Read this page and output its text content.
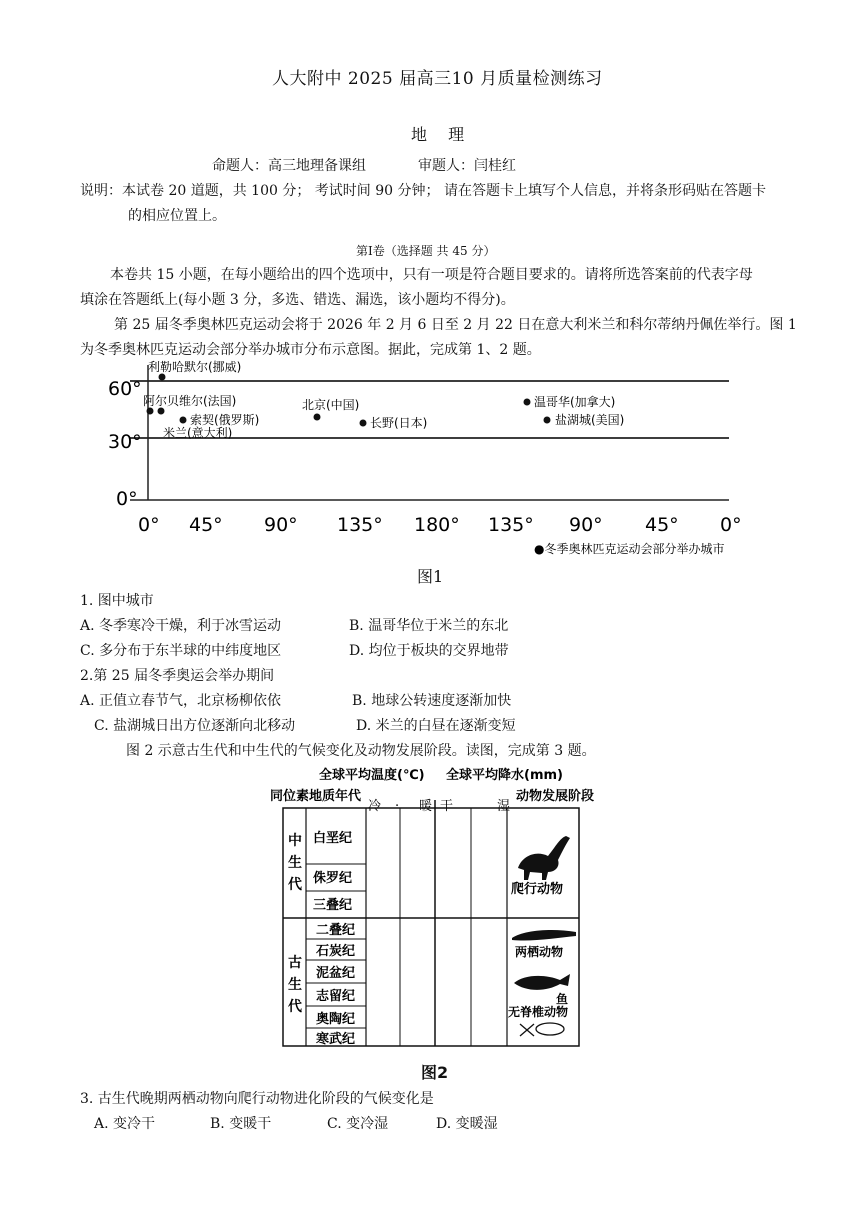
人大附中 2025 届高三10 月质量检测练习
地 理
命题人：高三地理备课组	审题人：闫桂红
说明：本试卷 20 道题，共 100 分； 考试时间 90 分钟； 请在答题卡上填写个人信息，并将条形码贴在答题卡
的相应位置上。
第Ⅰ卷（选择题 共 45 分）
本卷共 15 小题，在每小题给出的四个选项中，只有一项是符合题目要求的。请将所选答案前的代表字母
填涂在答题纸上(每小题 3 分，多选、错选、漏选，该小题均不得分)。
第 25 届冬季奥林匹克运动会将于 2026 年 2 月 6 日至 2 月 22 日在意大利米兰和科尔蒂纳丹佩佐举行。图 1
为冬季奥林匹克运动会部分举办城市分布示意图。据此，完成第 1、2 题。
60°
30°
0°
0° 45° 90° 135° 180° 135° 90° 45° 0°
利勒哈默尔(挪威)
阿尔贝维尔(法国)
米兰(意大利)
索契(俄罗斯)
北京(中国)
长野(日本)
温哥华(加拿大)
盐湖城(美国)
●冬季奥林匹克运动会部分举办城市
图1
1. 图中城市
A. 冬季寒冷干燥，利于冰雪运动	B. 温哥华位于米兰的东北
C. 多分布于东半球的中纬度地区	D. 均位于板块的交界地带
2.第 25 届冬季奥运会举办期间
A. 正值立春节气，北京杨柳依依	B. 地球公转速度逐渐加快
C. 盐湖城日出方位逐渐向北移动	D. 米兰的白昼在逐渐变短
图 2 示意古生代和中生代的气候变化及动物发展阶段。读图，完成第 3 题。
全球平均温度(℃) 全球平均降水(mm)
同位素地质年代	动物发展阶段
冷 · 暖 干	湿
中
生
代
古
生
代
白垩纪
侏罗纪
三叠纪
二叠纪
石炭纪
泥盆纪
志留纪
奥陶纪
寒武纪
爬行动物
两栖动物
鱼
无脊椎动物
图2
3. 古生代晚期两栖动物向爬行动物进化阶段的气候变化是
A. 变冷干	B. 变暖干	C. 变冷湿	D. 变暖湿
